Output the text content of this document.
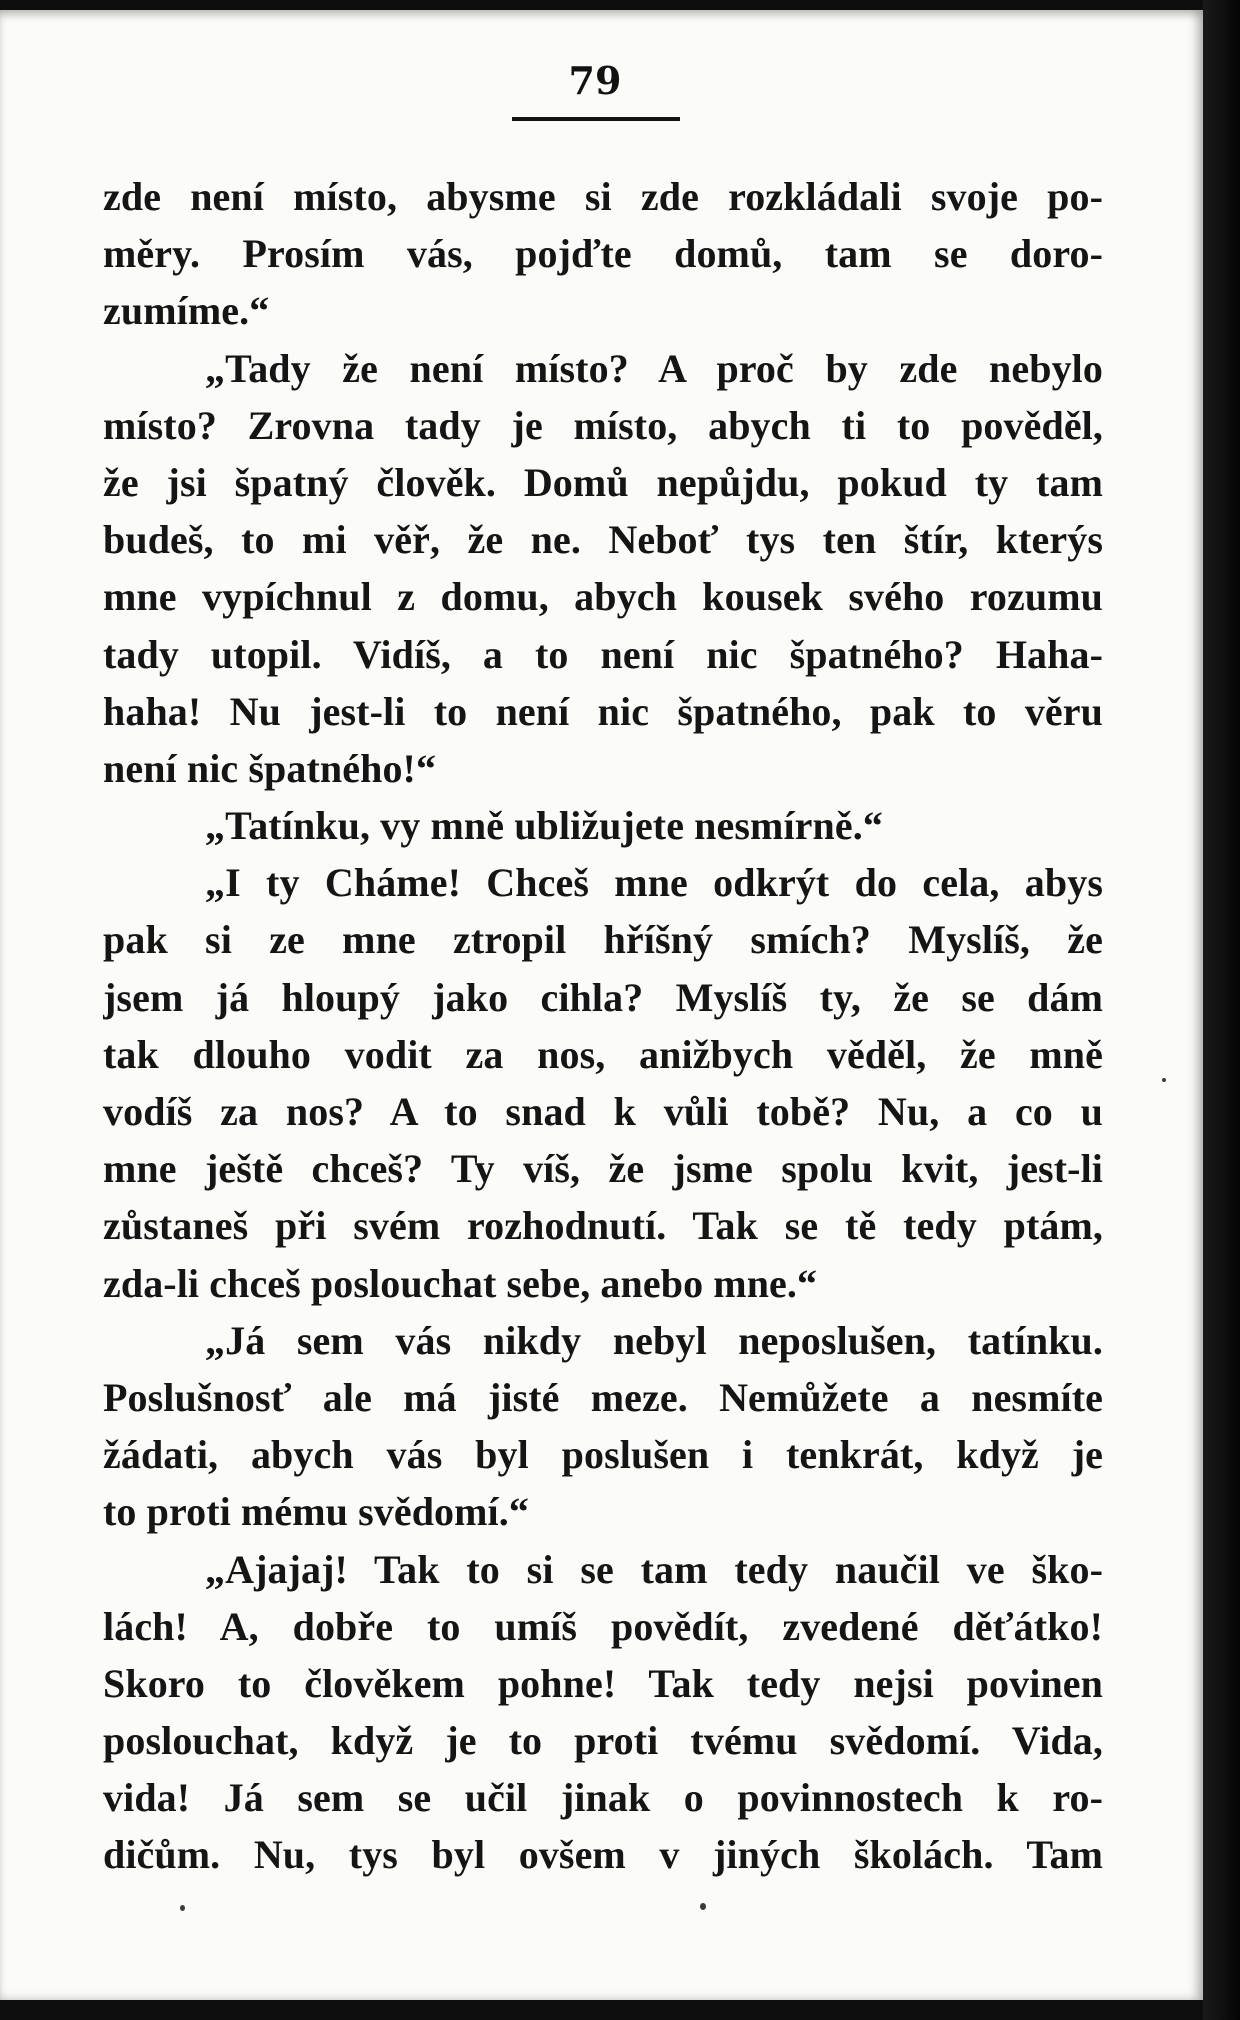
79
zde není místo, abysme si zde rozkládali svoje po-
měry. Prosím vás, pojďte domů, tam se doro-
zumíme.“
„Tady že není místo? A proč by zde nebylo
místo? Zrovna tady je místo, abych ti to pověděl,
že jsi špatný člověk. Domů nepůjdu, pokud ty tam
budeš, to mi věř, že ne. Neboť tys ten štír, kterýs
mne vypíchnul z domu, abych kousek svého rozumu
tady utopil. Vidíš, a to není nic špatného? Haha-
haha! Nu jest-li to není nic špatného, pak to věru
není nic špatného!“
„Tatínku, vy mně ubližujete nesmírně.“
„I ty Cháme! Chceš mne odkrýt do cela, abys
pak si ze mne ztropil hříšný smích? Myslíš, že
jsem já hloupý jako cihla? Myslíš ty, že se dám
tak dlouho vodit za nos, anižbych věděl, že mně
vodíš za nos? A to snad k vůli tobě? Nu, a co u
mne ještě chceš? Ty víš, že jsme spolu kvit, jest-li
zůstaneš při svém rozhodnutí. Tak se tě tedy ptám,
zda-li chceš poslouchat sebe, anebo mne.“
„Já sem vás nikdy nebyl neposlušen, tatínku.
Poslušnosť ale má jisté meze. Nemůžete a nesmíte
žádati, abych vás byl poslušen i tenkrát, když je
to proti mému svědomí.“
„Ajajaj! Tak to si se tam tedy naučil ve ško-
lách! A, dobře to umíš povědít, zvedené děťátko!
Skoro to člověkem pohne! Tak tedy nejsi povinen
poslouchat, když je to proti tvému svědomí. Vida,
vida! Já sem se učil jinak o povinnostech k ro-
dičům. Nu, tys byl ovšem v jiných školách. Tam
